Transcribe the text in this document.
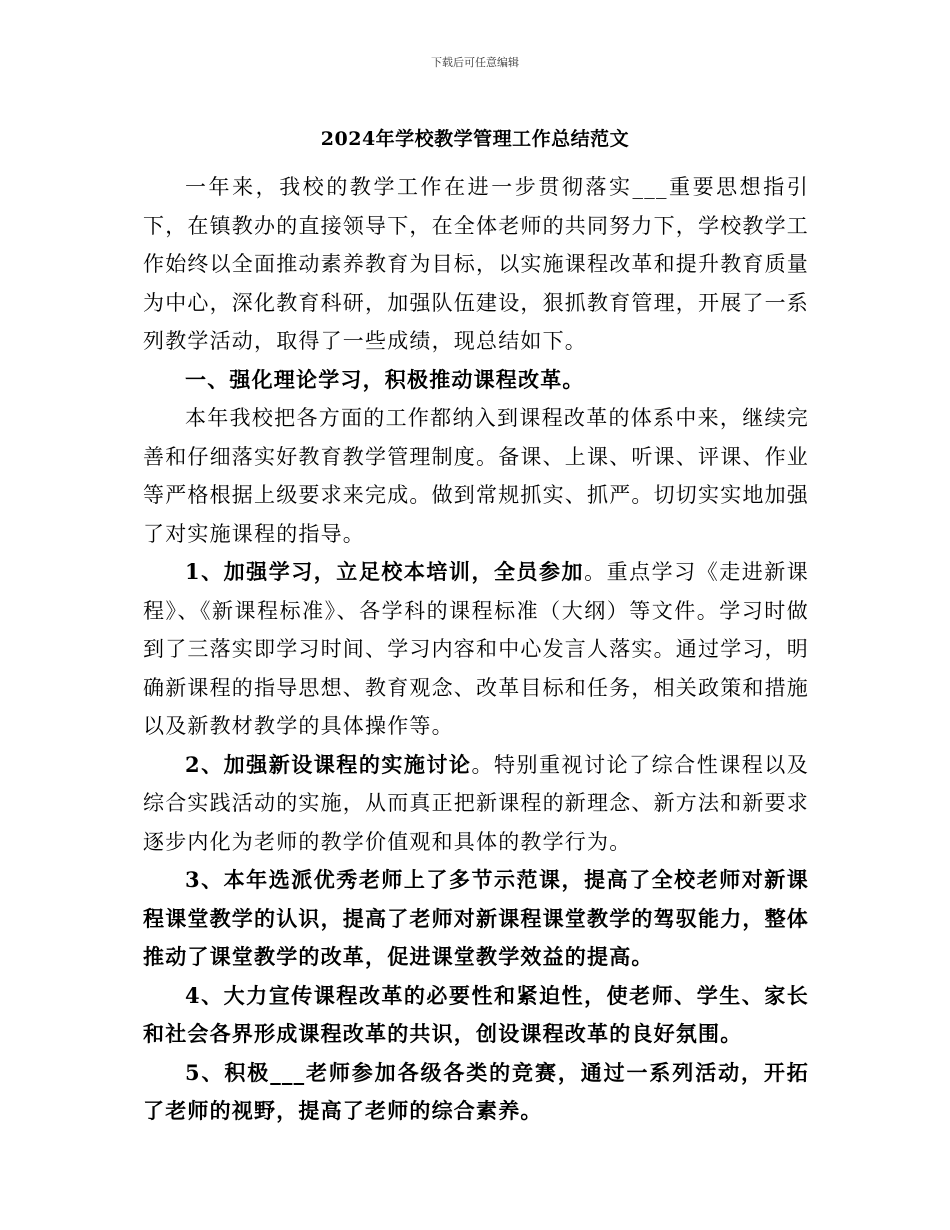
下载后可任意编辑
2024年学校教学管理工作总结范文

一年来，我校的教学工作在进一步贯彻落实___重要思想指引下，在镇教办的直接领导下，在全体老师的共同努力下，学校教学工作始终以全面推动素养教育为目标，以实施课程改革和提升教育质量为中心，深化教育科研，加强队伍建设，狠抓教育管理，开展了一系列教学活动，取得了一些成绩，现总结如下。

一、强化理论学习，积极推动课程改革。

本年我校把各方面的工作都纳入到课程改革的体系中来，继续完善和仔细落实好教育教学管理制度。备课、上课、听课、评课、作业等严格根据上级要求来完成。做到常规抓实、抓严。切切实实地加强了对实施课程的指导。

1、加强学习，立足校本培训，全员参加。重点学习《走进新课程》、《新课程标准》、各学科的课程标准（大纲）等文件。学习时做到了三落实即学习时间、学习内容和中心发言人落实。通过学习，明确新课程的指导思想、教育观念、改革目标和任务，相关政策和措施以及新教材教学的具体操作等。

2、加强新设课程的实施讨论。特别重视讨论了综合性课程以及综合实践活动的实施，从而真正把新课程的新理念、新方法和新要求逐步内化为老师的教学价值观和具体的教学行为。

3、本年选派优秀老师上了多节示范课，提高了全校老师对新课程课堂教学的认识，提高了老师对新课程课堂教学的驾驭能力，整体推动了课堂教学的改革，促进课堂教学效益的提高。

4、大力宣传课程改革的必要性和紧迫性，使老师、学生、家长和社会各界形成课程改革的共识，创设课程改革的良好氛围。

5、积极___老师参加各级各类的竞赛，通过一系列活动，开拓了老师的视野，提高了老师的综合素养。
